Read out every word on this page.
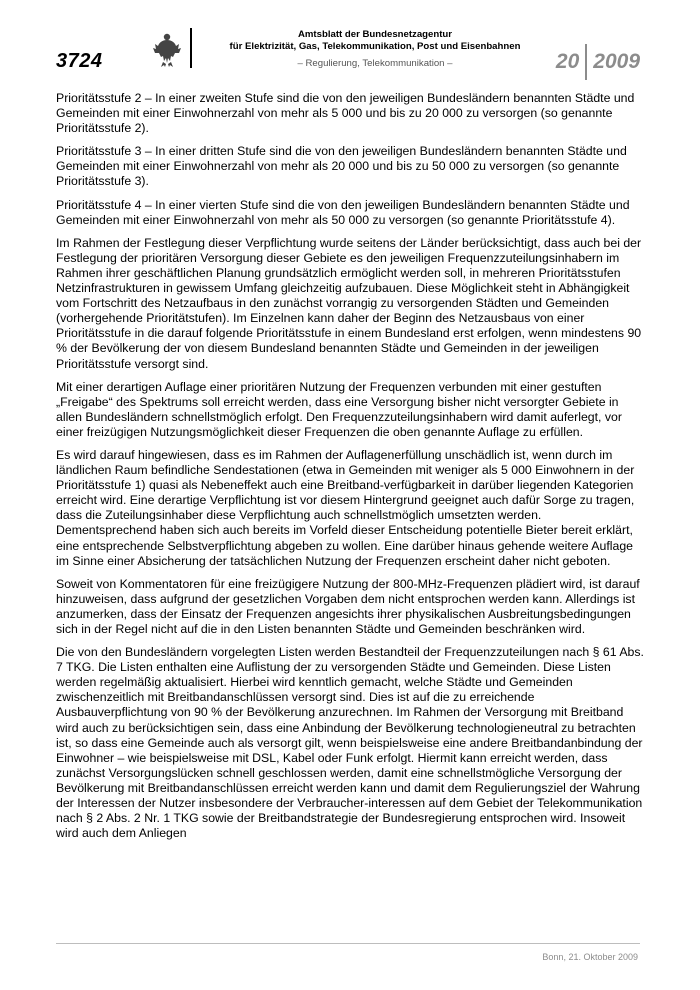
3724
Amtsblatt der Bundesnetzagentur
für Elektrizität, Gas, Telekommunikation, Post und Eisenbahnen
– Regulierung, Telekommunikation –	20 2009

Prioritätsstufe 2 – In einer zweiten Stufe sind die von den jeweiligen Bundesländern benannten Städte und Gemeinden mit einer Einwohnerzahl von mehr als 5 000 und bis zu 20 000 zu versorgen (so genannte Prioritätsstufe 2).

Prioritätsstufe 3 – In einer dritten Stufe sind die von den jeweiligen Bundesländern benannten Städte und Gemeinden mit einer Einwohnerzahl von mehr als 20 000 und bis zu 50 000 zu versorgen (so genannte Prioritätsstufe 3).

Prioritätsstufe 4 – In einer vierten Stufe sind die von den jeweiligen Bundesländern benannten Städte und Gemeinden mit einer Einwohnerzahl von mehr als 50 000 zu versorgen (so genannte Prioritätsstufe 4).

Im Rahmen der Festlegung dieser Verpflichtung wurde seitens der Länder berücksichtigt, dass auch bei der Festlegung der prioritären Versorgung dieser Gebiete es den jeweiligen Frequenzzuteilungsinhabern im Rahmen ihrer geschäftlichen Planung grundsätzlich ermöglicht werden soll, in mehreren Prioritätsstufen Netzinfrastrukturen in gewissem Umfang gleichzeitig aufzubauen. Diese Möglichkeit steht in Abhängigkeit vom Fortschritt des Netzaufbaus in den zunächst vorrangig zu versorgenden Städten und Gemeinden (vorhergehende Prioritätstufen). Im Einzelnen kann daher der Beginn des Netzausbaus von einer Prioritätsstufe in die darauf folgende Prioritätsstufe in einem Bundesland erst erfolgen, wenn mindestens 90 % der Bevölkerung der von diesem Bundesland benannten Städte und Gemeinden in der jeweiligen Prioritätsstufe versorgt sind.

Mit einer derartigen Auflage einer prioritären Nutzung der Frequenzen verbunden mit einer gestuften „Freigabe“ des Spektrums soll erreicht werden, dass eine Versorgung bisher nicht versorgter Gebiete in allen Bundesländern schnellstmöglich erfolgt. Den Frequenzzuteilungsinhabern wird damit auferlegt, vor einer freizügigen Nutzungsmöglichkeit dieser Frequenzen die oben genannte Auflage zu erfüllen.

Es wird darauf hingewiesen, dass es im Rahmen der Auflagenerfüllung unschädlich ist, wenn durch im ländlichen Raum befindliche Sendestationen (etwa in Gemeinden mit weniger als 5 000 Einwohnern in der Prioritätsstufe 1) quasi als Nebeneffekt auch eine Breitband-verfügbarkeit in darüber liegenden Kategorien erreicht wird. Eine derartige Verpflichtung ist vor diesem Hintergrund geeignet auch dafür Sorge zu tragen, dass die Zuteilungsinhaber diese Verpflichtung auch schnellstmöglich umsetzten werden. Dementsprechend haben sich auch bereits im Vorfeld dieser Entscheidung potentielle Bieter bereit erklärt, eine entsprechende Selbstverpflichtung abgeben zu wollen. Eine darüber hinaus gehende weitere Auflage im Sinne einer Absicherung der tatsächlichen Nutzung der Frequenzen erscheint daher nicht geboten.

Soweit von Kommentatoren für eine freizügigere Nutzung der 800-MHz-Frequenzen plädiert wird, ist darauf hinzuweisen, dass aufgrund der gesetzlichen Vorgaben dem nicht entsprochen werden kann. Allerdings ist anzumerken, dass der Einsatz der Frequenzen angesichts ihrer physikalischen Ausbreitungsbedingungen sich in der Regel nicht auf die in den Listen benannten Städte und Gemeinden beschränken wird.

Die von den Bundesländern vorgelegten Listen werden Bestandteil der Frequenzzuteilungen nach § 61 Abs. 7 TKG. Die Listen enthalten eine Auflistung der zu versorgenden Städte und Gemeinden. Diese Listen werden regelmäßig aktualisiert. Hierbei wird kenntlich gemacht, welche Städte und Gemeinden zwischenzeitlich mit Breitbandanschlüssen versorgt sind. Dies ist auf die zu erreichende Ausbauverpflichtung von 90 % der Bevölkerung anzurechnen. Im Rahmen der Versorgung mit Breitband wird auch zu berücksichtigen sein, dass eine Anbindung der Bevölkerung technologieneutral zu betrachten ist, so dass eine Gemeinde auch als versorgt gilt, wenn beispielsweise eine andere Breitbandanbindung der Einwohner – wie beispielsweise mit DSL, Kabel oder Funk erfolgt. Hiermit kann erreicht werden, dass zunächst Versorgungslücken schnell geschlossen werden, damit eine schnellstmögliche Versorgung der Bevölkerung mit Breitbandanschlüssen erreicht werden kann und damit dem Regulierungsziel der Wahrung der Interessen der Nutzer insbesondere der Verbraucher-interessen auf dem Gebiet der Telekommunikation nach § 2 Abs. 2 Nr. 1 TKG sowie der Breitbandstrategie der Bundesregierung entsprochen wird. Insoweit wird auch dem Anliegen

Bonn, 21. Oktober 2009
